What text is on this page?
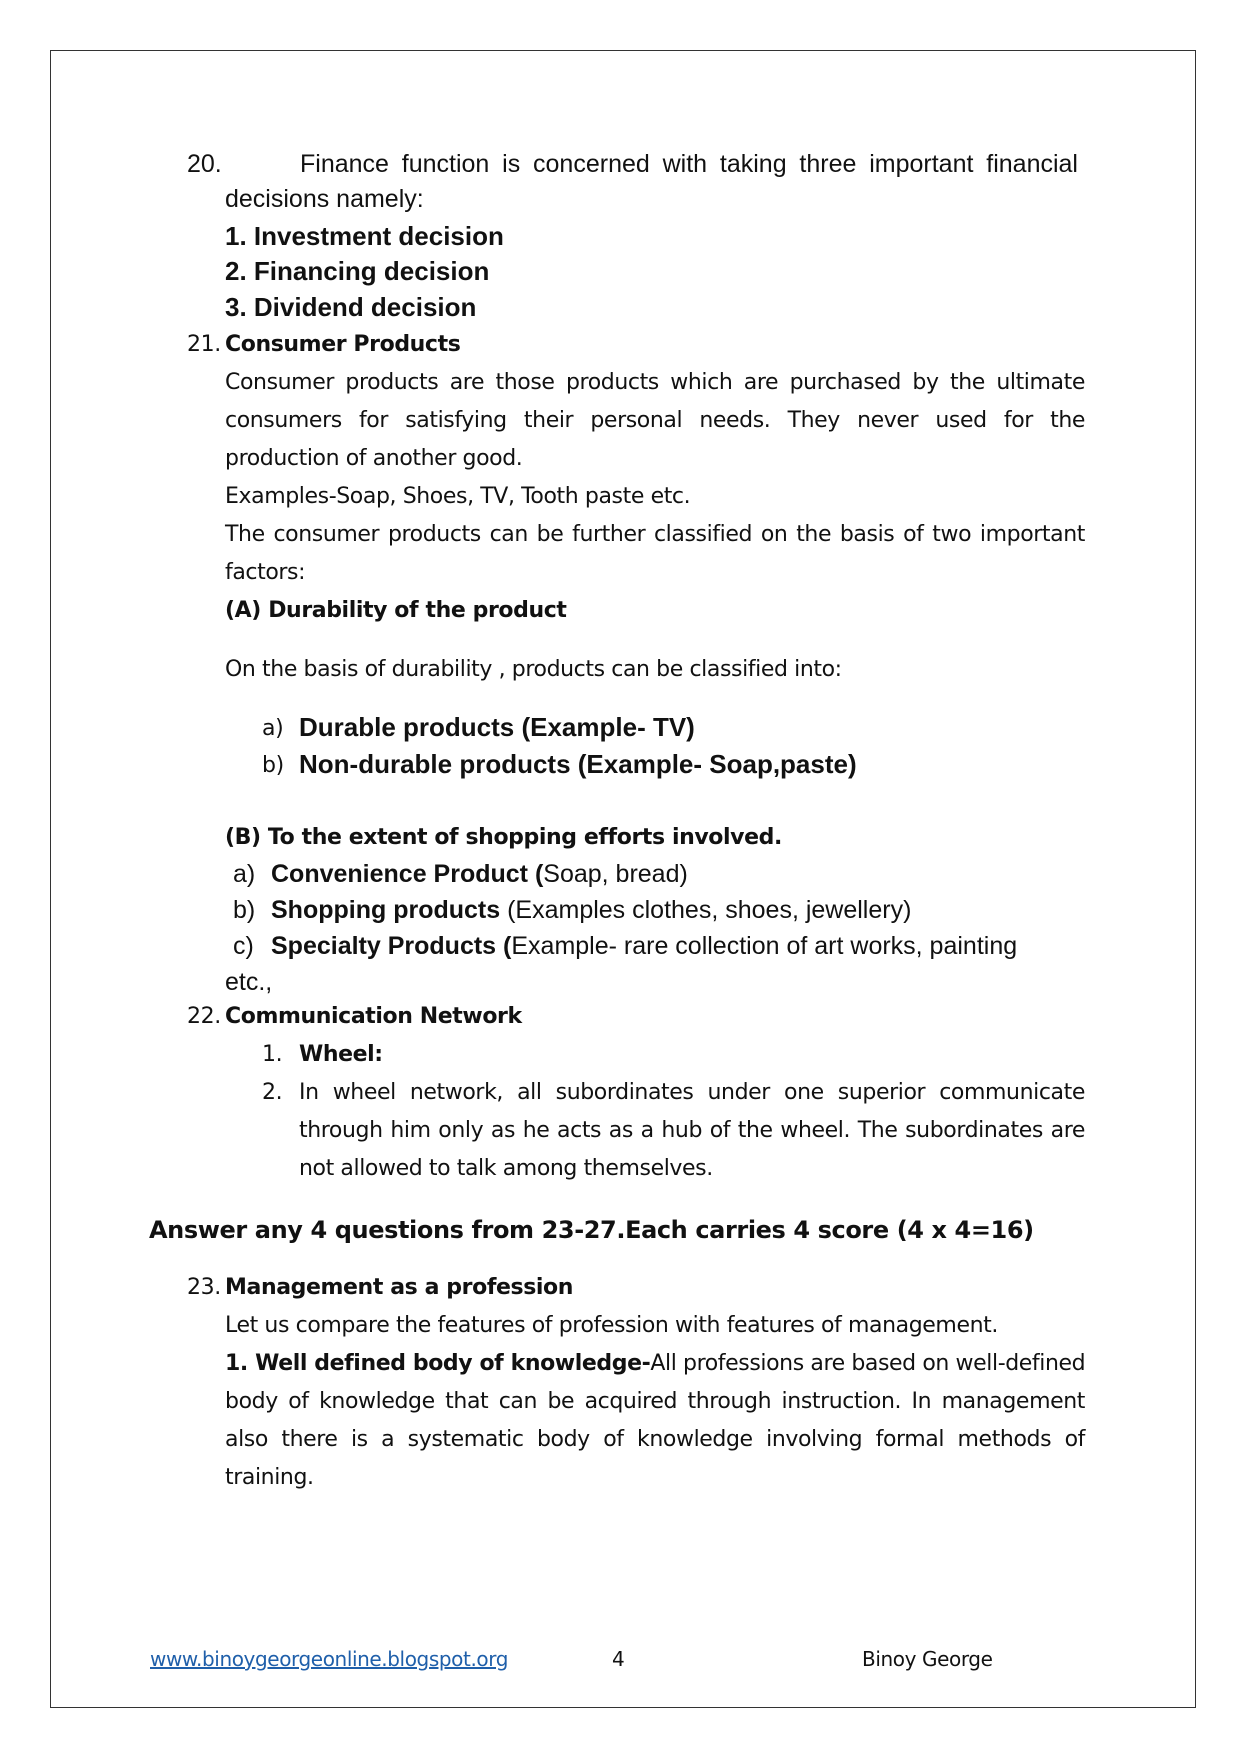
20.	Finance function is concerned with taking three important financial
decisions namely:
1. Investment decision
2. Financing decision
3. Dividend decision
21. Consumer Products
Consumer products are those products which are purchased by the ultimate
consumers for satisfying their personal needs. They never used for the
production of another good.
Examples-Soap, Shoes, TV, Tooth paste etc.
The consumer products can be further classified on the basis of two important
factors:
(A) Durability of the product
On the basis of durability , products can be classified into:
a) Durable products (Example- TV)
b) Non-durable products (Example- Soap,paste)
(B) To the extent of shopping efforts involved.
a) Convenience Product (Soap, bread)
b) Shopping products (Examples clothes, shoes, jewellery)
c) Specialty Products (Example- rare collection of art works, painting
etc.,
22. Communication Network
1. Wheel:
2. In wheel network, all subordinates under one superior communicate
through him only as he acts as a hub of the wheel. The subordinates are
not allowed to talk among themselves.
Answer any 4 questions from 23-27.Each carries 4 score (4 x 4=16)
23. Management as a profession
Let us compare the features of profession with features of management.
1. Well defined body of knowledge-All professions are based on well-defined
body of knowledge that can be acquired through instruction. In management
also there is a systematic body of knowledge involving formal methods of
training.
www.binoygeorgeonline.blogspot.org	4	Binoy George
